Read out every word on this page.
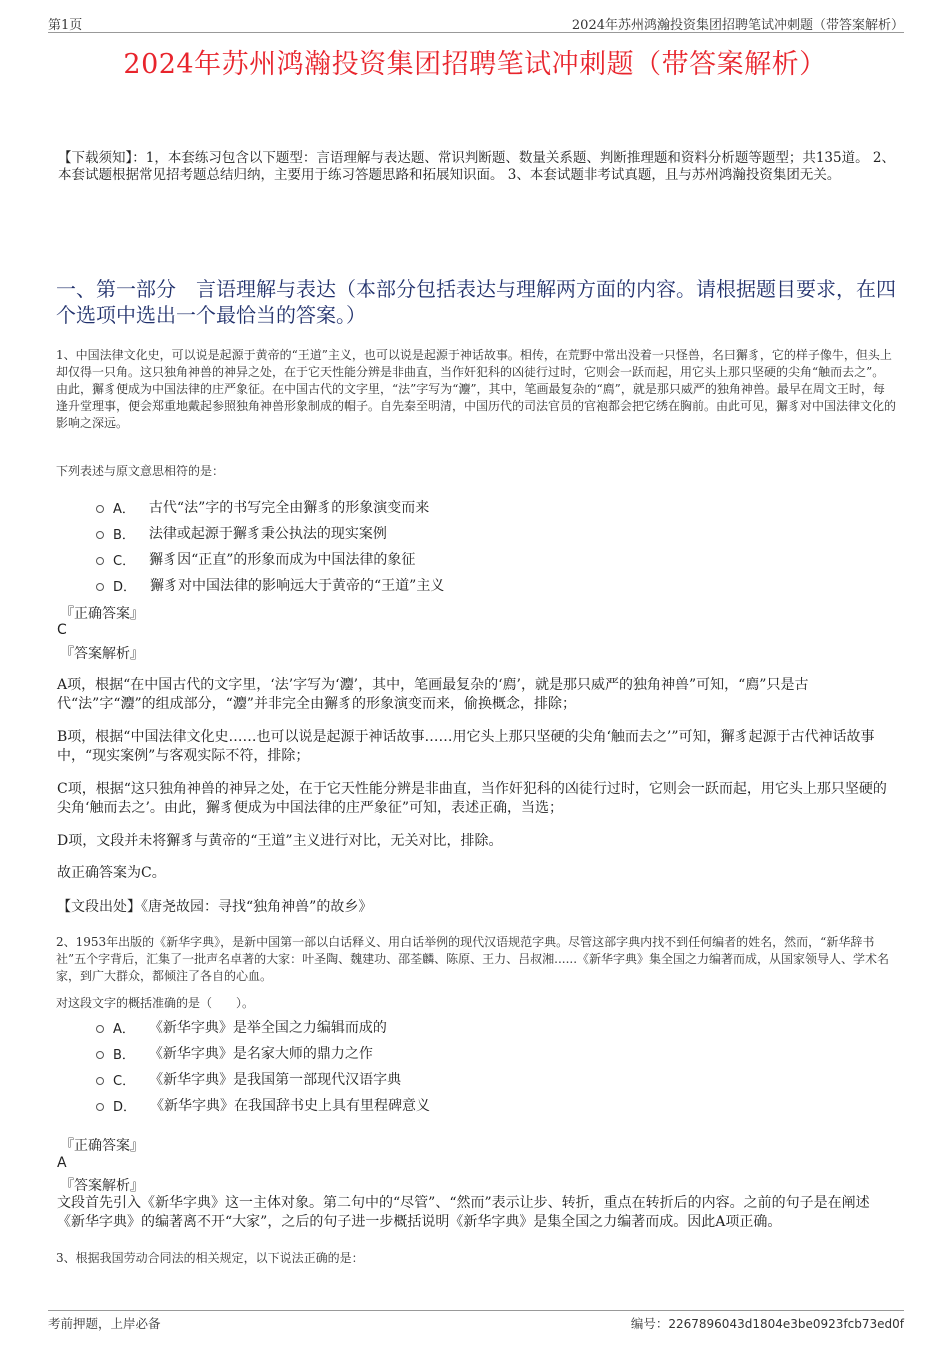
第1页	2024年苏州鸿瀚投资集团招聘笔试冲刺题（带答案解析）
2024年苏州鸿瀚投资集团招聘笔试冲刺题（带答案解析）
【下载须知】：1，本套练习包含以下题型：言语理解与表达题、常识判断题、数量关系题、判断推理题和资料分析题等题型；共135道。 2、本套试题根据常见招考题总结归纳，主要用于练习答题思路和拓展知识面。 3、本套试题非考试真题，且与苏州鸿瀚投资集团无关。
一、第一部分　言语理解与表达（本部分包括表达与理解两方面的内容。请根据题目要求，在四个选项中选出一个最恰当的答案。）
1、中国法律文化史，可以说是起源于黄帝的“王道”主义，也可以说是起源于神话故事。相传，在荒野中常出没着一只怪兽，名曰獬豸，它的样子像牛，但头上却仅得一只角。这只独角神兽的神异之处，在于它天性能分辨是非曲直，当作奸犯科的凶徒行过时，它则会一跃而起，用它头上那只坚硬的尖角“触而去之”。由此，獬豸便成为中国法律的庄严象征。在中国古代的文字里，“法”字写为“灋”，其中，笔画最复杂的“廌”，就是那只威严的独角神兽。最早在周文王时，每逢升堂理事，便会郑重地戴起参照独角神兽形象制成的帽子。自先秦至明清，中国历代的司法官员的官袍都会把它绣在胸前。由此可见，獬豸对中国法律文化的影响之深远。
下列表述与原文意思相符的是：
A． 古代“法”字的书写完全由獬豸的形象演变而来
B． 法律或起源于獬豸秉公执法的现实案例
C． 獬豸因“正直”的形象而成为中国法律的象征
D． 獬豸对中国法律的影响远大于黄帝的“王道”主义
『正确答案』
C
『答案解析』
A项，根据“在中国古代的文字里，‘法’字写为‘灋’，其中，笔画最复杂的‘廌’，就是那只威严的独角神兽”可知，“廌”只是古代“法”字“灋”的组成部分，“灋”并非完全由獬豸的形象演变而来，偷换概念，排除；
B项，根据“中国法律文化史……也可以说是起源于神话故事……用它头上那只坚硬的尖角‘触而去之’”可知，獬豸起源于古代神话故事中，“现实案例”与客观实际不符，排除；
C项，根据“这只独角神兽的神异之处，在于它天性能分辨是非曲直，当作奸犯科的凶徒行过时，它则会一跃而起，用它头上那只坚硬的尖角‘触而去之’。由此，獬豸便成为中国法律的庄严象征”可知，表述正确，当选；
D项，文段并未将獬豸与黄帝的“王道”主义进行对比，无关对比，排除。
故正确答案为C。
【文段出处】《唐尧故园：寻找“独角神兽”的故乡》
2、1953年出版的《新华字典》，是新中国第一部以白话释义、用白话举例的现代汉语规范字典。尽管这部字典内找不到任何编者的姓名，然而，“新华辞书社”五个字背后，汇集了一批声名卓著的大家：叶圣陶、魏建功、邵荃麟、陈原、王力、吕叔湘......《新华字典》集全国之力编著而成，从国家领导人、学术名家，到广大群众，都倾注了各自的心血。
对这段文字的概括准确的是（　　）。
A． 《新华字典》是举全国之力编辑而成的
B． 《新华字典》是名家大师的鼎力之作
C． 《新华字典》是我国第一部现代汉语字典
D． 《新华字典》在我国辞书史上具有里程碑意义
『正确答案』
A
『答案解析』
文段首先引入《新华字典》这一主体对象。第二句中的“尽管”、“然而”表示让步、转折，重点在转折后的内容。之前的句子是在阐述《新华字典》的编著离不开“大家”，之后的句子进一步概括说明《新华字典》是集全国之力编著而成。因此A项正确。
3、根据我国劳动合同法的相关规定，以下说法正确的是：
考前押题，上岸必备	编号：2267896043d1804e3be0923fcb73ed0f
